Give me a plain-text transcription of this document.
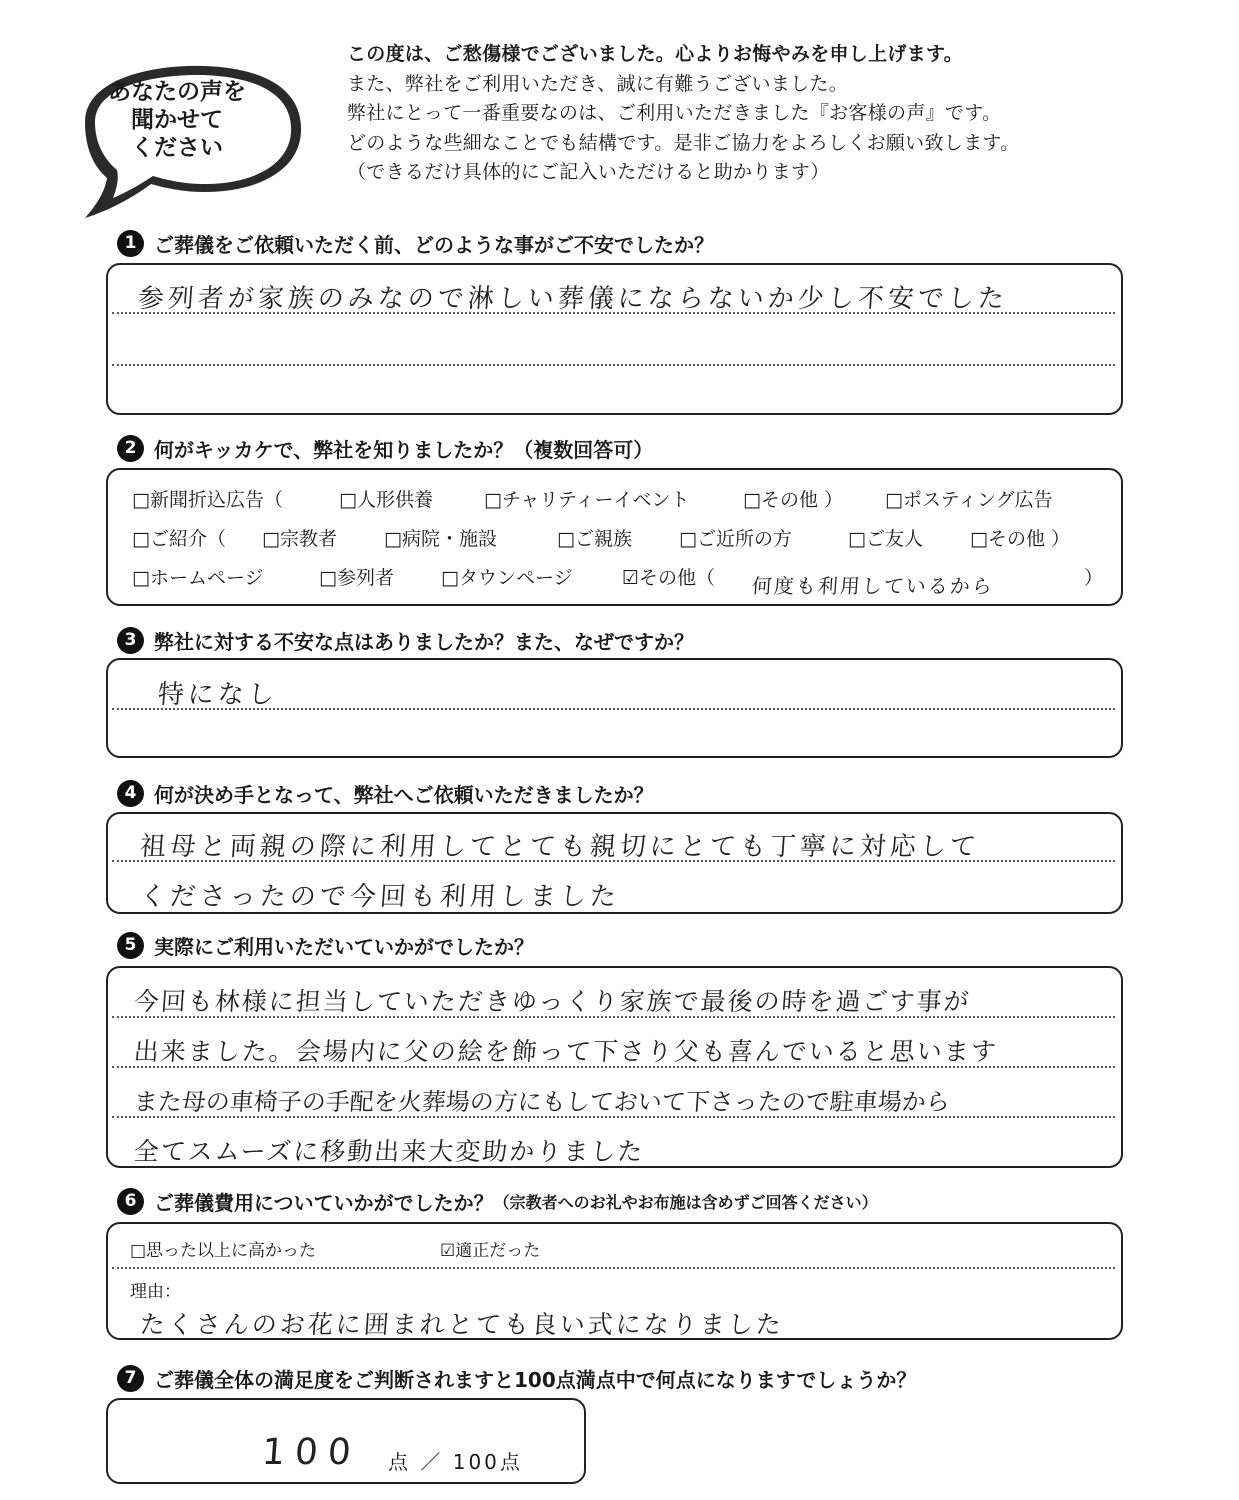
あなたの声を
聞かせて
ください
この度は、ご愁傷様でございました。心よりお悔やみを申し上げます。
また、弊社をご利用いただき、誠に有難うございました。
弊社にとって一番重要なのは、ご利用いただきました『お客様の声』です。
どのような些細なことでも結構です。是非ご協力をよろしくお願い致します。
（できるだけ具体的にご記入いただけると助かります）
1 ご葬儀をご依頼いただく前、どのような事がご不安でしたか？
参列者が家族のみなので淋しい葬儀にならないか少し不安でした
2 何がキッカケで、弊社を知りましたか？（複数回答可）
□新聞折込広告（	□人形供養	□チャリティーイベント	□その他 ） □ポスティング広告
□ご紹介（ □宗教者 □病院・施設	□ご親族 □ご近所の方	□ご友人 □その他 ）
□ホームページ	□参列者 □タウンページ	☑その他（ 何度も利用しているから	）
3 弊社に対する不安な点はありましたか？また、なぜですか？
特になし
4 何が決め手となって、弊社へご依頼いただきましたか？
祖母と両親の際に利用してとても親切にとても丁寧に対応して
くださったので今回も利用しました
5 実際にご利用いただいていかがでしたか？
今回も林様に担当していただきゆっくり家族で最後の時を過ごす事が
出来ました。会場内に父の絵を飾って下さり父も喜んでいると思います
また母の車椅子の手配を火葬場の方にもしておいて下さったので駐車場から
全てスムーズに移動出来大変助かりました
6 ご葬儀費用についていかがでしたか？（宗教者へのお礼やお布施は含めずご回答ください）
□思った以上に高かった	☑適正だった
理由：
たくさんのお花に囲まれとても良い式になりました
7 ご葬儀全体の満足度をご判断されますと100点満点中で何点になりますでしょうか？
100 点 ／ 100点
